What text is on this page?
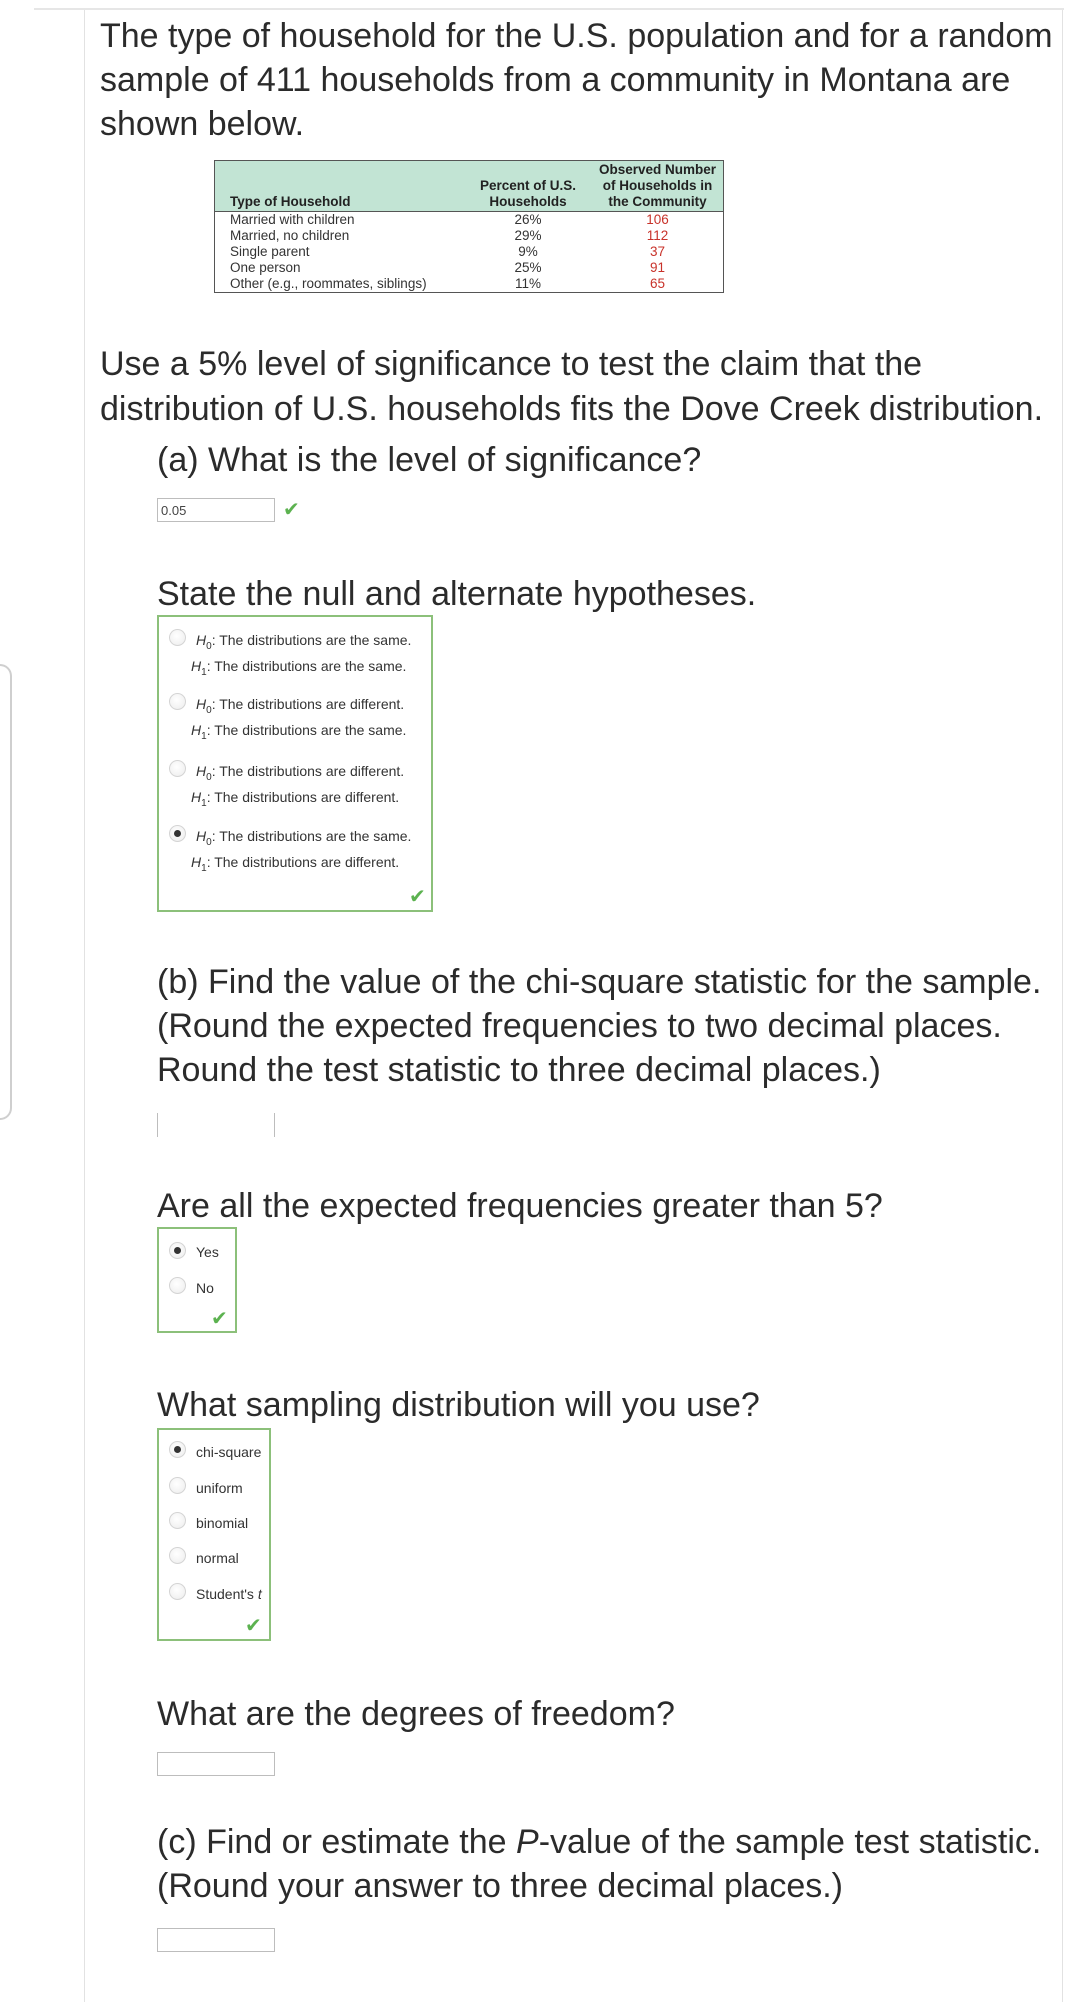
The type of household for the U.S. population and for a random sample of 411 households from a community in Montana are shown below.

Type of Household	Percent of U.S. Households	Observed Number of Households in the Community
Married with children	26%	106
Married, no children	29%	112
Single parent	9%	37
One person	25%	91
Other (e.g., roommates, siblings)	11%	65

Use a 5% level of significance to test the claim that the distribution of U.S. households fits the Dove Creek distribution.

(a) What is the level of significance?

0.05
✔

State the null and alternate hypotheses.

$H_0$: The distributions are the same.
$H_1$: The distributions are the same.
$H_0$: The distributions are different.
$H_1$: The distributions are the same.
$H_0$: The distributions are different.
$H_1$: The distributions are different.
$H_0$: The distributions are the same.
$H_1$: The distributions are different.
✔

(b) Find the value of the chi-square statistic for the sample. (Round the expected frequencies to two decimal places. Round the test statistic to three decimal places.)

Are all the expected frequencies greater than 5?

Yes
No
✔

What sampling distribution will you use?

chi-square
uniform
binomial
normal
Student's t
✔

What are the degrees of freedom?

(c) Find or estimate the P-value of the sample test statistic. (Round your answer to three decimal places.)
